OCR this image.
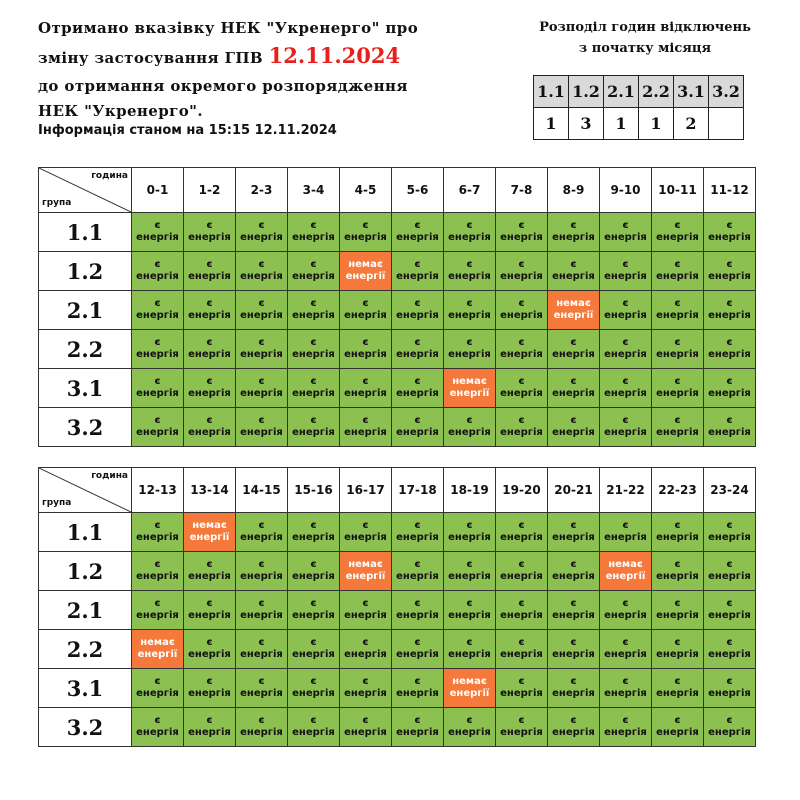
Отримано вказівку НЕК "Укренерго" про
зміну застосування ГПВ 12.11.2024
до отримання окремого розпорядження
НЕК "Укренерго".
Інформація станом на 15:15 12.11.2024
Розподіл годин відключень
з початку місяця
1.1	1.2	2.1	2.2	3.1	3.2
1	3	1	1	2	
година
група	0-1	1-2	2-3	3-4	4-5	5-6	6-7	7-8	8-9	9-10	10-11	11-12
1.1	є
енергія	є
енергія	є
енергія	є
енергія	є
енергія	є
енергія	є
енергія	є
енергія	є
енергія	є
енергія	є
енергія	є
енергія

1.2	є
енергія	є
енергія	є
енергія	є
енергія	немає
енергії	є
енергія	є
енергія	є
енергія	є
енергія	є
енергія	є
енергія	є
енергія

2.1	є
енергія	є
енергія	є
енергія	є
енергія	є
енергія	є
енергія	є
енергія	є
енергія	немає
енергії	є
енергія	є
енергія	є
енергія

2.2	є
енергія	є
енергія	є
енергія	є
енергія	є
енергія	є
енергія	є
енергія	є
енергія	є
енергія	є
енергія	є
енергія	є
енергія

3.1	є
енергія	є
енергія	є
енергія	є
енергія	є
енергія	є
енергія	немає
енергії	є
енергія	є
енергія	є
енергія	є
енергія	є
енергія

3.2	є
енергія	є
енергія	є
енергія	є
енергія	є
енергія	є
енергія	є
енергія	є
енергія	є
енергія	є
енергія	є
енергія	є
енергія
година
група	12-13	13-14	14-15	15-16	16-17	17-18	18-19	19-20	20-21	21-22	22-23	23-24
1.1	є
енергія	немає
енергії	є
енергія	є
енергія	є
енергія	є
енергія	є
енергія	є
енергія	є
енергія	є
енергія	є
енергія	є
енергія

1.2	є
енергія	є
енергія	є
енергія	є
енергія	немає
енергії	є
енергія	є
енергія	є
енергія	є
енергія	немає
енергії	є
енергія	є
енергія

2.1	є
енергія	є
енергія	є
енергія	є
енергія	є
енергія	є
енергія	є
енергія	є
енергія	є
енергія	є
енергія	є
енергія	є
енергія

2.2	немає
енергії	є
енергія	є
енергія	є
енергія	є
енергія	є
енергія	є
енергія	є
енергія	є
енергія	є
енергія	є
енергія	є
енергія

3.1	є
енергія	є
енергія	є
енергія	є
енергія	є
енергія	є
енергія	немає
енергії	є
енергія	є
енергія	є
енергія	є
енергія	є
енергія

3.2	є
енергія	є
енергія	є
енергія	є
енергія	є
енергія	є
енергія	є
енергія	є
енергія	є
енергія	є
енергія	є
енергія	є
енергія
